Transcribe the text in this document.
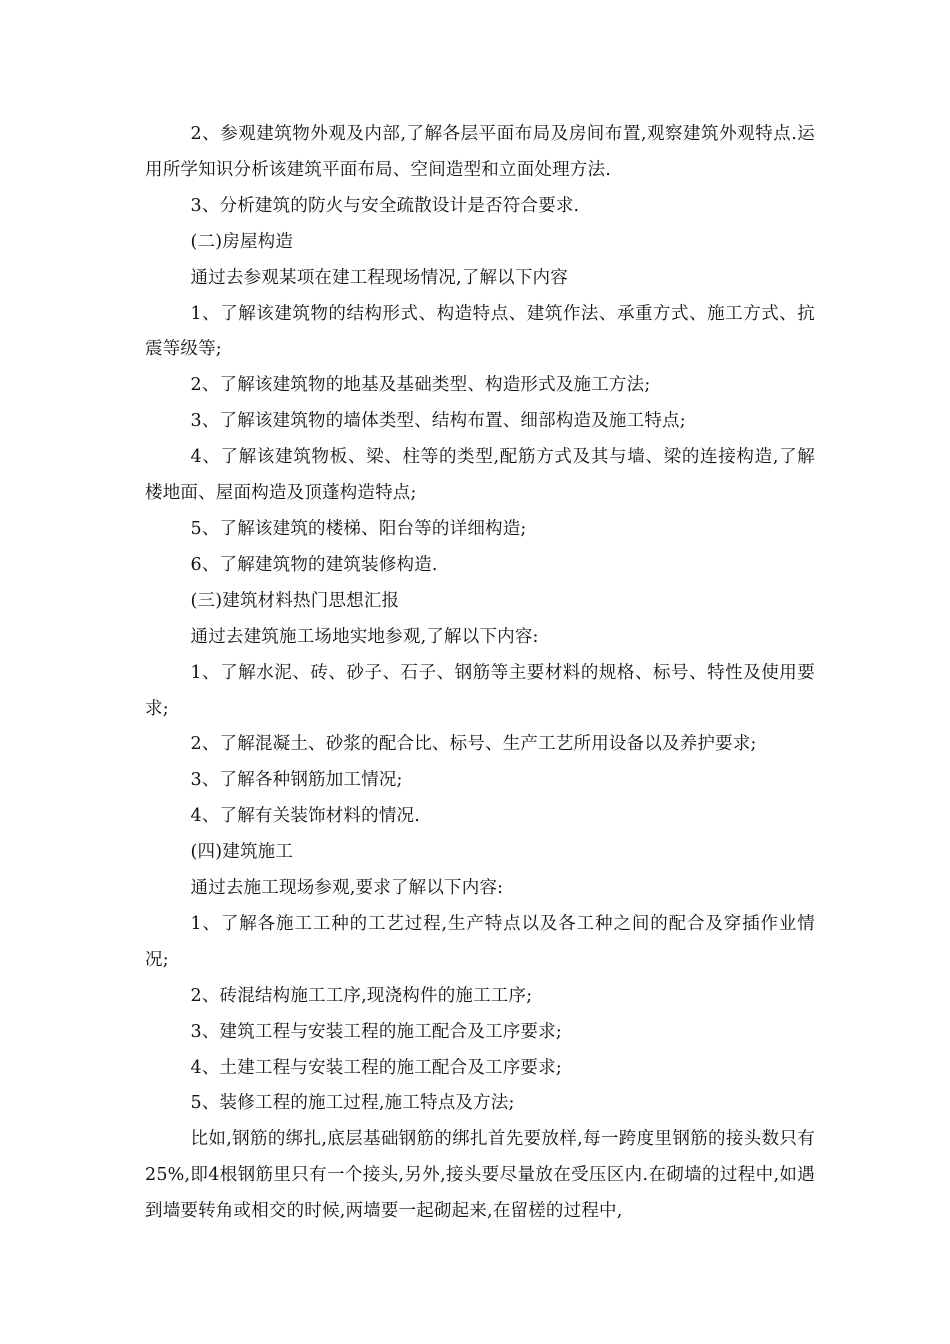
2、参观建筑物外观及内部,了解各层平面布局及房间布置,观察建筑外观特点.运用所学知识分析该建筑平面布局、空间造型和立面处理方法.

3、分析建筑的防火与安全疏散设计是否符合要求.

(二)房屋构造

通过去参观某项在建工程现场情况,了解以下内容

1、了解该建筑物的结构形式、构造特点、建筑作法、承重方式、施工方式、抗震等级等;

2、了解该建筑物的地基及基础类型、构造形式及施工方法;

3、了解该建筑物的墙体类型、结构布置、细部构造及施工特点;

4、了解该建筑物板、梁、柱等的类型,配筋方式及其与墙、梁的连接构造,了解楼地面、屋面构造及顶蓬构造特点;

5、了解该建筑的楼梯、阳台等的详细构造;

6、了解建筑物的建筑装修构造.

(三)建筑材料热门思想汇报

通过去建筑施工场地实地参观,了解以下内容:

1、了解水泥、砖、砂子、石子、钢筋等主要材料的规格、标号、特性及使用要求;

2、了解混凝土、砂浆的配合比、标号、生产工艺所用设备以及养护要求;

3、了解各种钢筋加工情况;

4、了解有关装饰材料的情况.

(四)建筑施工

通过去施工现场参观,要求了解以下内容:

1、了解各施工工种的工艺过程,生产特点以及各工种之间的配合及穿插作业情况;

2、砖混结构施工工序,现浇构件的施工工序;

3、建筑工程与安装工程的施工配合及工序要求;

4、土建工程与安装工程的施工配合及工序要求;

5、装修工程的施工过程,施工特点及方法;

比如,钢筋的绑扎,底层基础钢筋的绑扎首先要放样,每一跨度里钢筋的接头数只有25%,即4根钢筋里只有一个接头,另外,接头要尽量放在受压区内.在砌墙的过程中,如遇到墙要转角或相交的时候,两墙要一起砌起来,在留槎的过程中,
